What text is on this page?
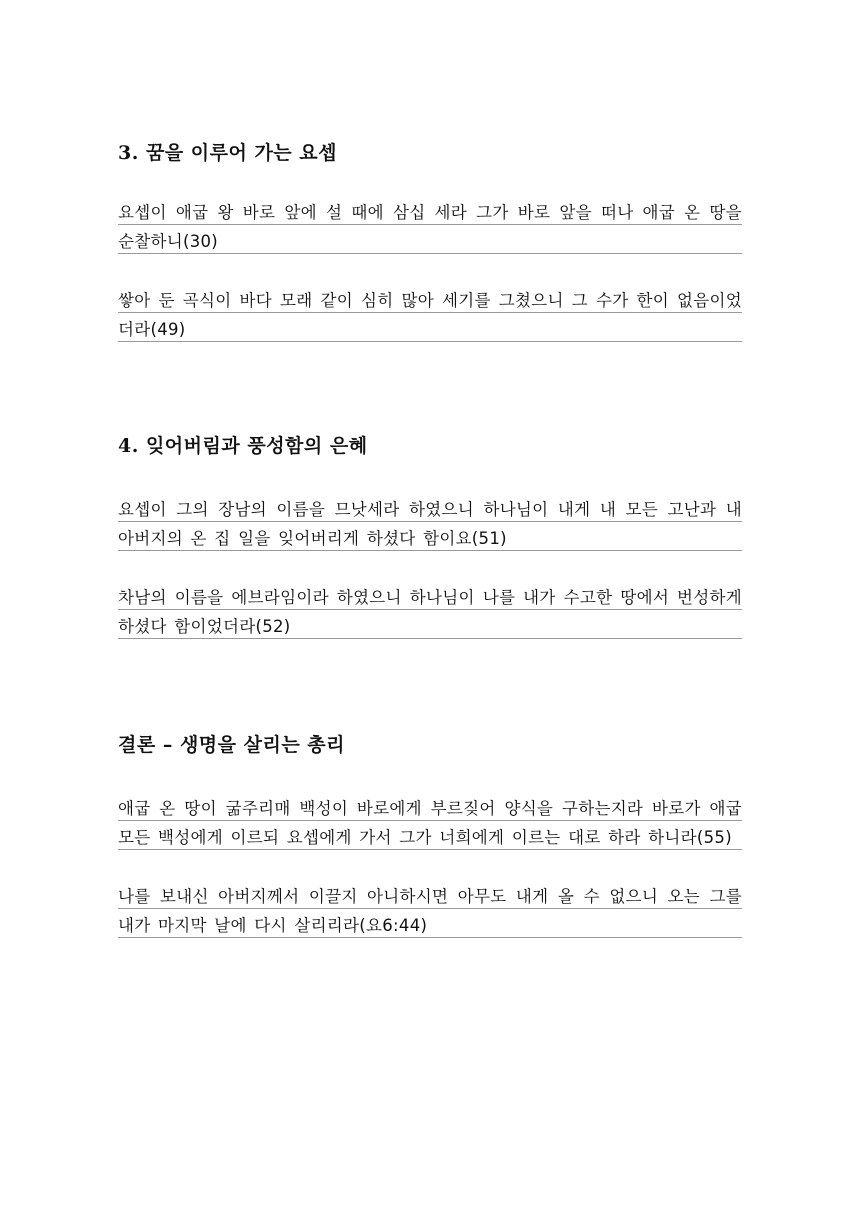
3. 꿈을 이루어 가는 요셉

요셉이 애굽 왕 바로 앞에 설 때에 삼십 세라 그가 바로 앞을 떠나 애굽 온 땅을 순찰하니(30)

쌓아 둔 곡식이 바다 모래 같이 심히 많아 세기를 그쳤으니 그 수가 한이 없음이었더라(49)

4. 잊어버림과 풍성함의 은혜

요셉이 그의 장남의 이름을 므낫세라 하였으니 하나님이 내게 내 모든 고난과 내 아버지의 온 집 일을 잊어버리게 하셨다 함이요(51)

차남의 이름을 에브라임이라 하였으니 하나님이 나를 내가 수고한 땅에서 번성하게 하셨다 함이었더라(52)

결론 – 생명을 살리는 총리

애굽 온 땅이 굶주리매 백성이 바로에게 부르짖어 양식을 구하는지라 바로가 애굽 모든 백성에게 이르되 요셉에게 가서 그가 너희에게 이르는 대로 하라 하니라(55)

나를 보내신 아버지께서 이끌지 아니하시면 아무도 내게 올 수 없으니 오는 그를 내가 마지막 날에 다시 살리리라(요6:44)
